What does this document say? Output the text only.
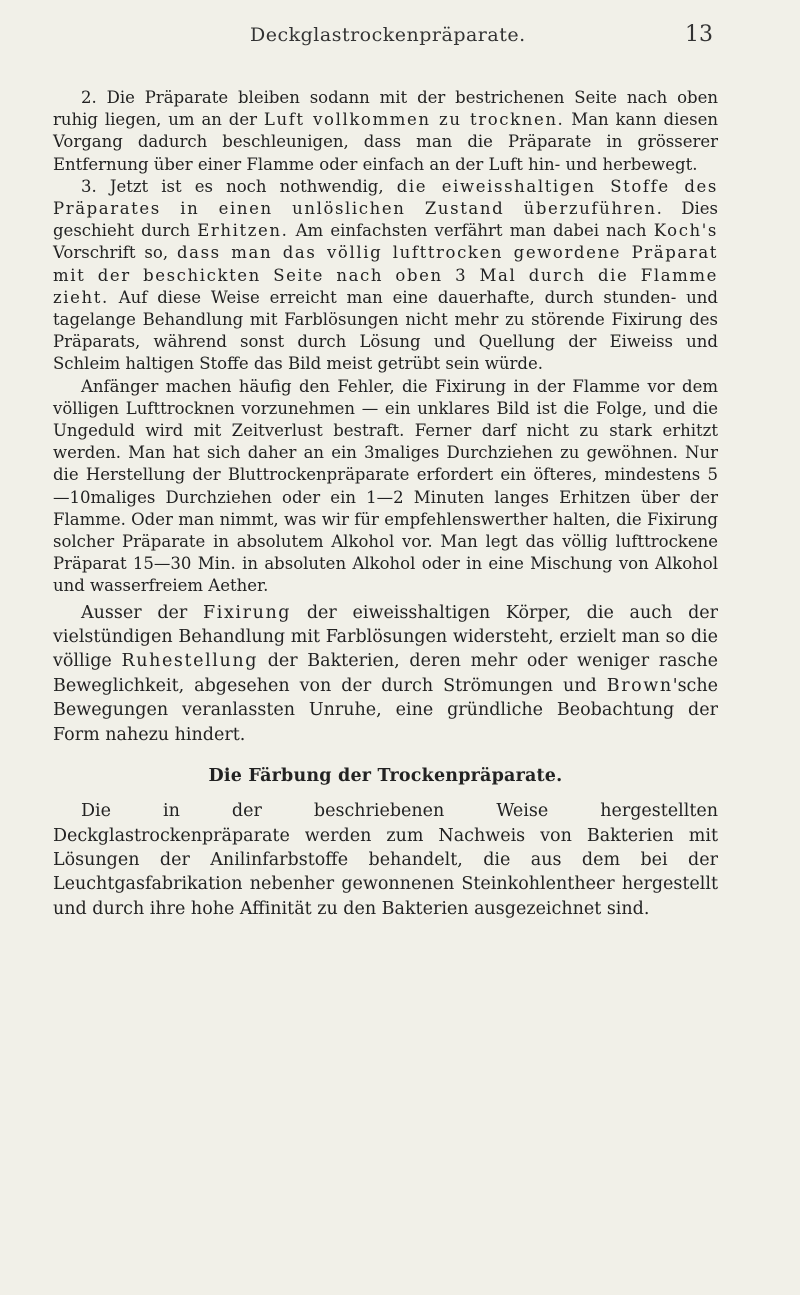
Deckglastrockenpräparate.	13

2. Die Präparate bleiben sodann mit der bestrichenen Seite nach oben ruhig liegen, um an der Luft vollkommen zu trocknen. Man kann diesen Vorgang dadurch beschleunigen, dass man die Präparate in grösserer Entfernung über einer Flamme oder einfach an der Luft hin- und herbewegt.

3. Jetzt ist es noch nothwendig, die eiweisshaltigen Stoffe des Präparates in einen unlöslichen Zustand überzuführen. Dies geschieht durch Erhitzen. Am einfachsten verfährt man dabei nach Koch's Vorschrift so, dass man das völlig lufttrocken gewordene Präparat mit der beschickten Seite nach oben 3 Mal durch die Flamme zieht. Auf diese Weise erreicht man eine dauerhafte, durch stunden- und tagelange Behandlung mit Farblösungen nicht mehr zu störende Fixirung des Präparats, während sonst durch Lösung und Quellung der Eiweiss und Schleim haltigen Stoffe das Bild meist getrübt sein würde.

Anfänger machen häufig den Fehler, die Fixirung in der Flamme vor dem völligen Lufttrocknen vorzunehmen — ein unklares Bild ist die Folge, und die Ungeduld wird mit Zeitverlust bestraft. Ferner darf nicht zu stark erhitzt werden. Man hat sich daher an ein 3maliges Durchziehen zu gewöhnen. Nur die Herstellung der Bluttrockenpräparate erfordert ein öfteres, mindestens 5—10maliges Durchziehen oder ein 1—2 Minuten langes Erhitzen über der Flamme. Oder man nimmt, was wir für empfehlenswerther halten, die Fixirung solcher Präparate in absolutem Alkohol vor. Man legt das völlig lufttrockene Präparat 15—30 Min. in absoluten Alkohol oder in eine Mischung von Alkohol und wasserfreiem Aether.

Ausser der Fixirung der eiweisshaltigen Körper, die auch der vielstündigen Behandlung mit Farblösungen widersteht, erzielt man so die völlige Ruhestellung der Bakterien, deren mehr oder weniger rasche Beweglichkeit, abgesehen von der durch Strömungen und Brown'sche Bewegungen veranlassten Unruhe, eine gründliche Beobachtung der Form nahezu hindert.

Die Färbung der Trockenpräparate.

Die in der beschriebenen Weise hergestellten Deckglastrockenpräparate werden zum Nachweis von Bakterien mit Lösungen der Anilinfarbstoffe behandelt, die aus dem bei der Leuchtgasfabrikation nebenher gewonnenen Steinkohlentheer hergestellt und durch ihre hohe Affinität zu den Bakterien ausgezeichnet sind.
